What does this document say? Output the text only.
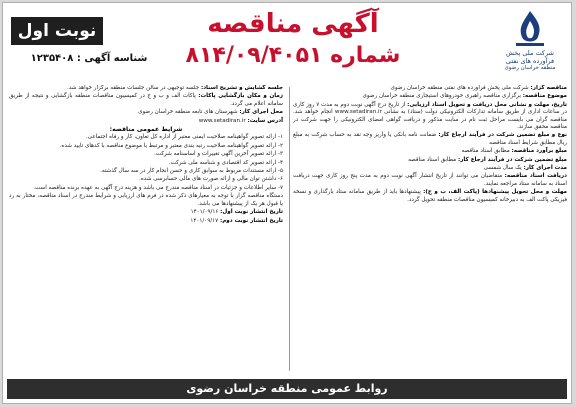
شرکت ملی پخش فرآورده های نفتی
منطقه خراسان رضوی
آگهی مناقصه
شماره ۸۱۴/۰۹/۴۰۵۱
نوبت اول
شناسه آگهی : ۱۲۳۵۴۰۸
مناقصه گزار: شرکت ملی پخش فرآورده های نفتی منطقه خراسان رضوی
موضوع مناقصه: برگزاری مناقصه راهبری خودروهای استیجاری منطقه خراسان رضوی
تاریخ، مهلت و نشانی محل دریافت و تحویل اسناد ارزیابی: از تاریخ درج آگهی نوبت دوم به مدت ۷ روز کاری در ساعات اداری از طریق سامانه تدارکات الکترونیکی دولت (ستاد) به نشانی www.setadiran.ir انجام خواهد شد. مناقصه گران می بایست مراحل ثبت نام در سایت مذکور و دریافت گواهی امضای الکترونیکی را جهت شرکت در مناقصه محقق سازند.
نوع و مبلغ تضمین شرکت در فرآیند ارجاع کار: ضمانت نامه بانکی یا واریز وجه نقد به حساب شرکت به مبلغ ریال مطابق شرایط اسناد مناقصه
مبلغ برآورد مناقصه: مطابق اسناد مناقصه
مبلغ تضمین شرکت در فرآیند ارجاع کار: مطابق اسناد مناقصه
مدت اجرای کار: یک سال شمسی
دریافت اسناد مناقصه: متقاضیان می توانند از تاریخ انتشار آگهی نوبت دوم به مدت پنج روز کاری جهت دریافت اسناد به سامانه ستاد مراجعه نمایند.
مهلت و محل تحویل پیشنهادها (پاکت الف، ب و ج): پیشنهادها باید از طریق سامانه ستاد بارگذاری و نسخه فیزیکی پاکت الف به دبیرخانه کمیسیون مناقصات منطقه تحویل گردد.
جلسه گشایش و تشریح اسناد: جلسه توجیهی در سالن جلسات منطقه برگزار خواهد شد.
زمان و مکان بازگشایی پاکات: پاکات الف و ب و ج در کمیسیون مناقصات منطقه بازگشایی و نتیجه از طریق سامانه اعلام می گردد.
محل اجرای کار: شهرستان های تابعه منطقه خراسان رضوی
آدرس سایت: www.setadiran.ir
شرایط عمومی مناقصه:
۱- ارائه تصویر گواهینامه صلاحیت ایمنی معتبر از اداره کل تعاون، کار و رفاه اجتماعی.
۲- ارائه تصویر گواهینامه صلاحیت رتبه بندی معتبر و مرتبط با موضوع مناقصه با کدهای تایید شده.
۳- ارائه تصویر آخرین آگهی تغییرات و اساسنامه شرکت.
۴- ارائه تصویر کد اقتصادی و شناسه ملی شرکت.
۵- ارائه مستندات مربوط به سوابق کاری و حسن انجام کار در سه سال گذشته.
۶- داشتن توان مالی و ارائه صورت های مالی حسابرسی شده.
۷- سایر اطلاعات و جزئیات در اسناد مناقصه مندرج می باشد و هزینه درج آگهی به عهده برنده مناقصه است.
دستگاه مناقصه گزار با توجه به معیارهای ذکر شده در فرم های ارزیابی و شرایط مندرج در اسناد مناقصه، مختار به رد یا قبول هر یک از پیشنهادها می باشد.
تاریخ انتشار نوبت اول: ۱۴۰۱/۰۹/۱۶
تاریخ انتشار نوبت دوم: ۱۴۰۱/۰۹/۱۷
روابط عمومی منطقه خراسان رضوی
